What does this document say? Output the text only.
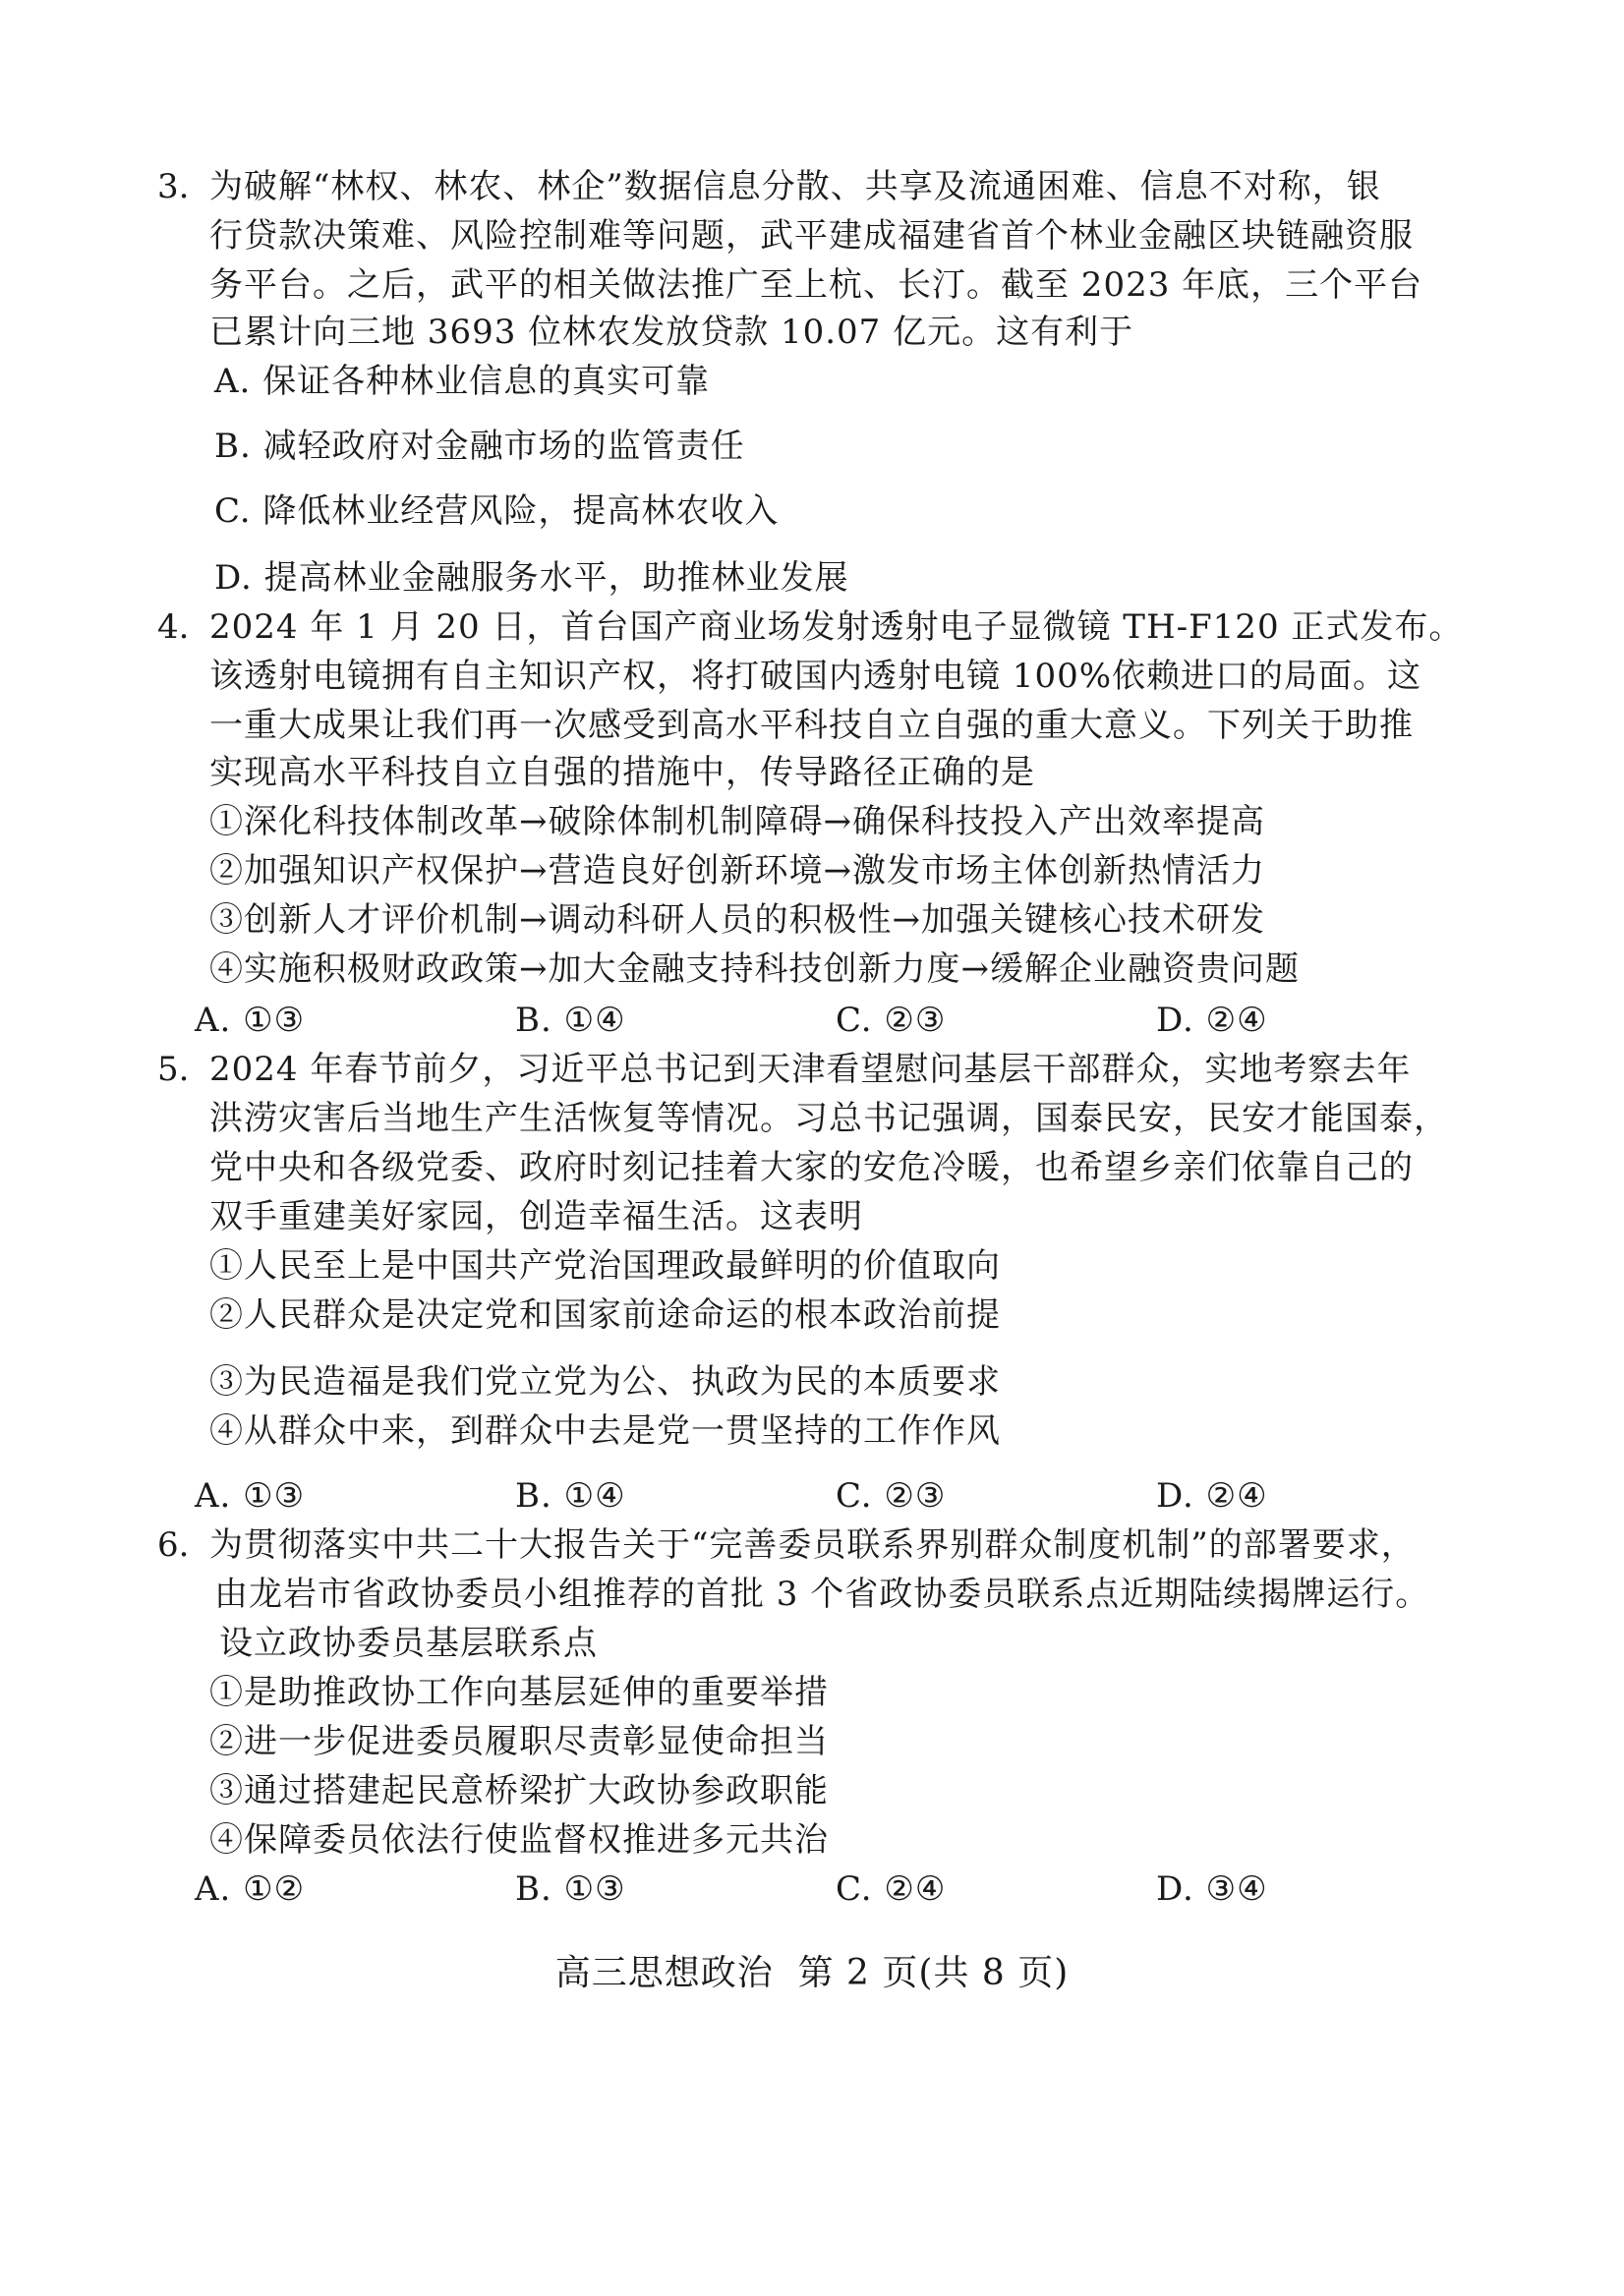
3. 为破解“林权、林农、林企”数据信息分散、共享及流通困难、信息不对称，银
行贷款决策难、风险控制难等问题，武平建成福建省首个林业金融区块链融资服
务平台。之后，武平的相关做法推广至上杭、长汀。截至 2023 年底，三个平台
已累计向三地 3693 位林农发放贷款 10.07 亿元。这有利于
A. 保证各种林业信息的真实可靠
B. 减轻政府对金融市场的监管责任
C. 降低林业经营风险，提高林农收入
D. 提高林业金融服务水平，助推林业发展
4. 2024 年 1 月 20 日，首台国产商业场发射透射电子显微镜 TH-F120 正式发布。
该透射电镜拥有自主知识产权，将打破国内透射电镜 100%依赖进口的局面。这
一重大成果让我们再一次感受到高水平科技自立自强的重大意义。下列关于助推
实现高水平科技自立自强的措施中，传导路径正确的是
①深化科技体制改革→破除体制机制障碍→确保科技投入产出效率提高
②加强知识产权保护→营造良好创新环境→激发市场主体创新热情活力
③创新人才评价机制→调动科研人员的积极性→加强关键核心技术研发
④实施积极财政政策→加大金融支持科技创新力度→缓解企业融资贵问题
A. ①③	B. ①④	C. ②③	D. ②④
5. 2024 年春节前夕，习近平总书记到天津看望慰问基层干部群众，实地考察去年
洪涝灾害后当地生产生活恢复等情况。习总书记强调，国泰民安，民安才能国泰，
党中央和各级党委、政府时刻记挂着大家的安危冷暖，也希望乡亲们依靠自己的
双手重建美好家园，创造幸福生活。这表明
①人民至上是中国共产党治国理政最鲜明的价值取向
②人民群众是决定党和国家前途命运的根本政治前提
③为民造福是我们党立党为公、执政为民的本质要求
④从群众中来，到群众中去是党一贯坚持的工作作风
A. ①③	B. ①④	C. ②③	D. ②④
6. 为贯彻落实中共二十大报告关于“完善委员联系界别群众制度机制”的部署要求，
由龙岩市省政协委员小组推荐的首批 3 个省政协委员联系点近期陆续揭牌运行。
设立政协委员基层联系点
①是助推政协工作向基层延伸的重要举措
②进一步促进委员履职尽责彰显使命担当
③通过搭建起民意桥梁扩大政协参政职能
④保障委员依法行使监督权推进多元共治
A. ①②	B. ①③	C. ②④	D. ③④
高三思想政治  第 2 页(共 8 页)
